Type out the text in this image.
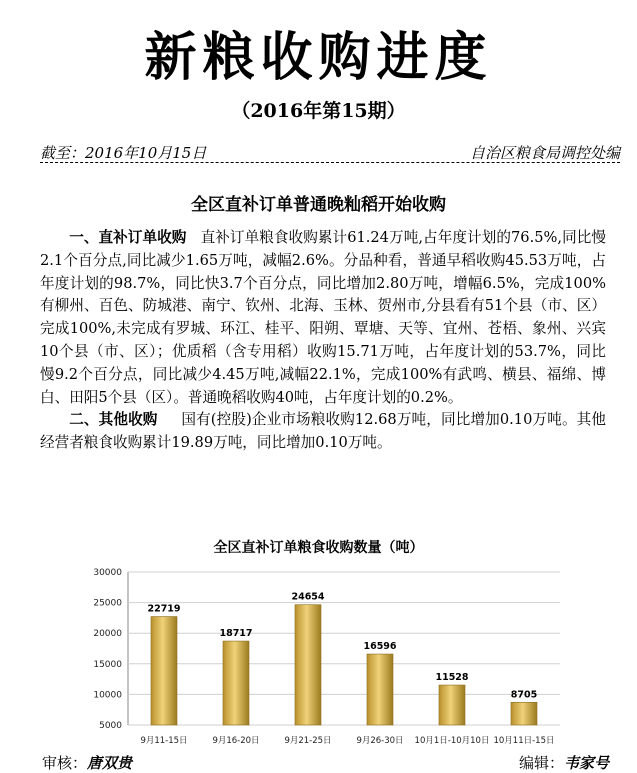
新粮收购进度
（2016年第15期）
截至：2016年10月15日	自治区粮食局调控处编
全区直补订单普通晚籼稻开始收购

一、直补订单收购 直补订单粮食收购累计61.24万吨,占年度计划的76.5%,同比慢2.1个百分点,同比减少1.65万吨，减幅2.6%。分品种看，普通早稻收购45.53万吨，占年度计划的98.7%，同比快3.7个百分点，同比增加2.80万吨，增幅6.5%，完成100%有柳州、百色、防城港、南宁、钦州、北海、玉林、贺州市,分县看有51个县（市、区）完成100%,未完成有罗城、环江、桂平、阳朔、覃塘、天等、宜州、苍梧、象州、兴宾10个县（市、区）；优质稻（含专用稻）收购15.71万吨，占年度计划的53.7%，同比慢9.2个百分点，同比减少4.45万吨,减幅22.1%，完成100%有武鸣、横县、福绵、博白、田阳5个县（区）。普通晚稻收购40吨，占年度计划的0.2%。

二、其他收购 国有(控股)企业市场粮收购12.68万吨，同比增加0.10万吨。其他经营者粮食收购累计19.89万吨，同比增加0.10万吨。

全区直补订单粮食收购数量（吨）
5000
10000
15000
20000
25000
30000
22719
9月11-15日
18717
9月16-20日
24654
9月21-25日
16596
9月26-30日
11528
10月1日-10月10日
8705
10月11日-15日
审核：唐双贵	编辑：韦家号
